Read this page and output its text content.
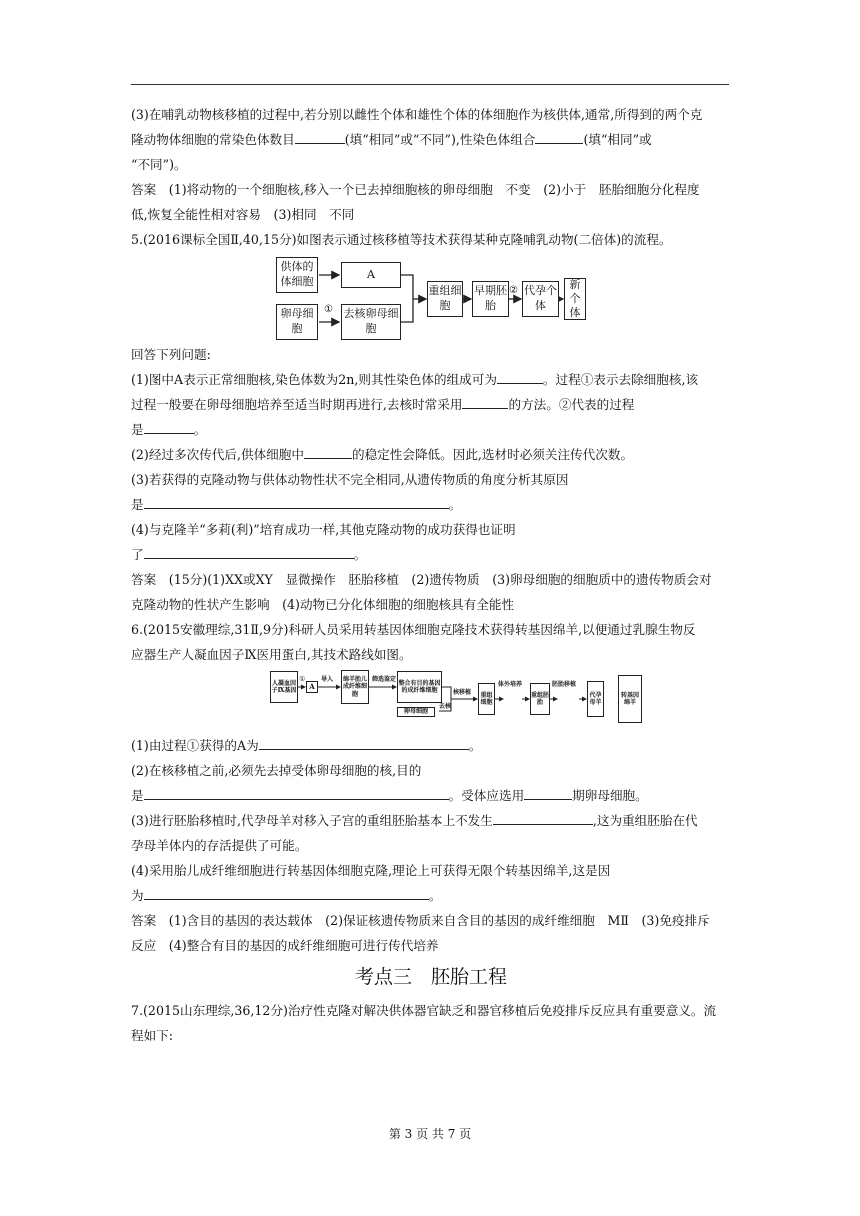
(3)在哺乳动物核移植的过程中,若分别以雌性个体和雄性个体的体细胞作为核供体,通常,所得到的两个克

隆动物体细胞的常染色体数目	(填“相同”或“不同”),性染色体组合	(填“相同”或

“不同”)。

答案　(1)将动物的一个细胞核,移入一个已去掉细胞核的卵母细胞　不变　(2)小于　胚胎细胞分化程度

低,恢复全能性相对容易　(3)相同　不同

5.(2016课标全国Ⅱ,40,15分)如图表示通过核移植等技术获得某种克隆哺乳动物(二倍体)的流程。

供体的体细胞
A
卵母细胞
① 去核卵母细胞
重组细胞
早期胚胎
② 代孕个体
新个体

回答下列问题:

(1)图中A表示正常细胞核,染色体数为2n,则其性染色体的组成可为	。过程①表示去除细胞核,该

过程一般要在卵母细胞培养至适当时期再进行,去核时常采用	的方法。②代表的过程

是	。

(2)经过多次传代后,供体细胞中	的稳定性会降低。因此,选材时必须关注传代次数。

(3)若获得的克隆动物与供体动物性状不完全相同,从遗传物质的角度分析其原因

是	。

(4)与克隆羊“多莉(利)”培育成功一样,其他克隆动物的成功获得也证明

了	。

答案　(15分)(1)XX或XY　显微操作　胚胎移植　(2)遗传物质　(3)卵母细胞的细胞质中的遗传物质会对

克隆动物的性状产生影响　(4)动物已分化体细胞的细胞核具有全能性

6.(2015安徽理综,31Ⅱ,9分)科研人员采用转基因体细胞克隆技术获得转基因绵羊,以便通过乳腺生物反

应器生产人凝血因子Ⅸ医用蛋白,其技术路线如图。

人凝血因子Ⅸ基因
①
A
导入	绵羊胎儿成纤维细胞
筛选鉴定
整合有目的基因的成纤维细胞
卵母细胞
去核
核移植	重组细胞
体外培养
重组胚胎
胚胎移植
代孕母羊
转基因绵羊

(1)由过程①获得的A为	。

(2)在核移植之前,必须先去掉受体卵母细胞的核,目的

是	。受体应选用	期卵母细胞。

(3)进行胚胎移植时,代孕母羊对移入子宫的重组胚胎基本上不发生	,这为重组胚胎在代

孕母羊体内的存活提供了可能。

(4)采用胎儿成纤维细胞进行转基因体细胞克隆,理论上可获得无限个转基因绵羊,这是因

为	。

答案　(1)含目的基因的表达载体　(2)保证核遗传物质来自含目的基因的成纤维细胞　MⅡ　(3)免疫排斥

反应　(4)整合有目的基因的成纤维细胞可进行传代培养

考点三　胚胎工程

7.(2015山东理综,36,12分)治疗性克隆对解决供体器官缺乏和器官移植后免疫排斥反应具有重要意义。流

程如下:

第 3 页 共 7 页
